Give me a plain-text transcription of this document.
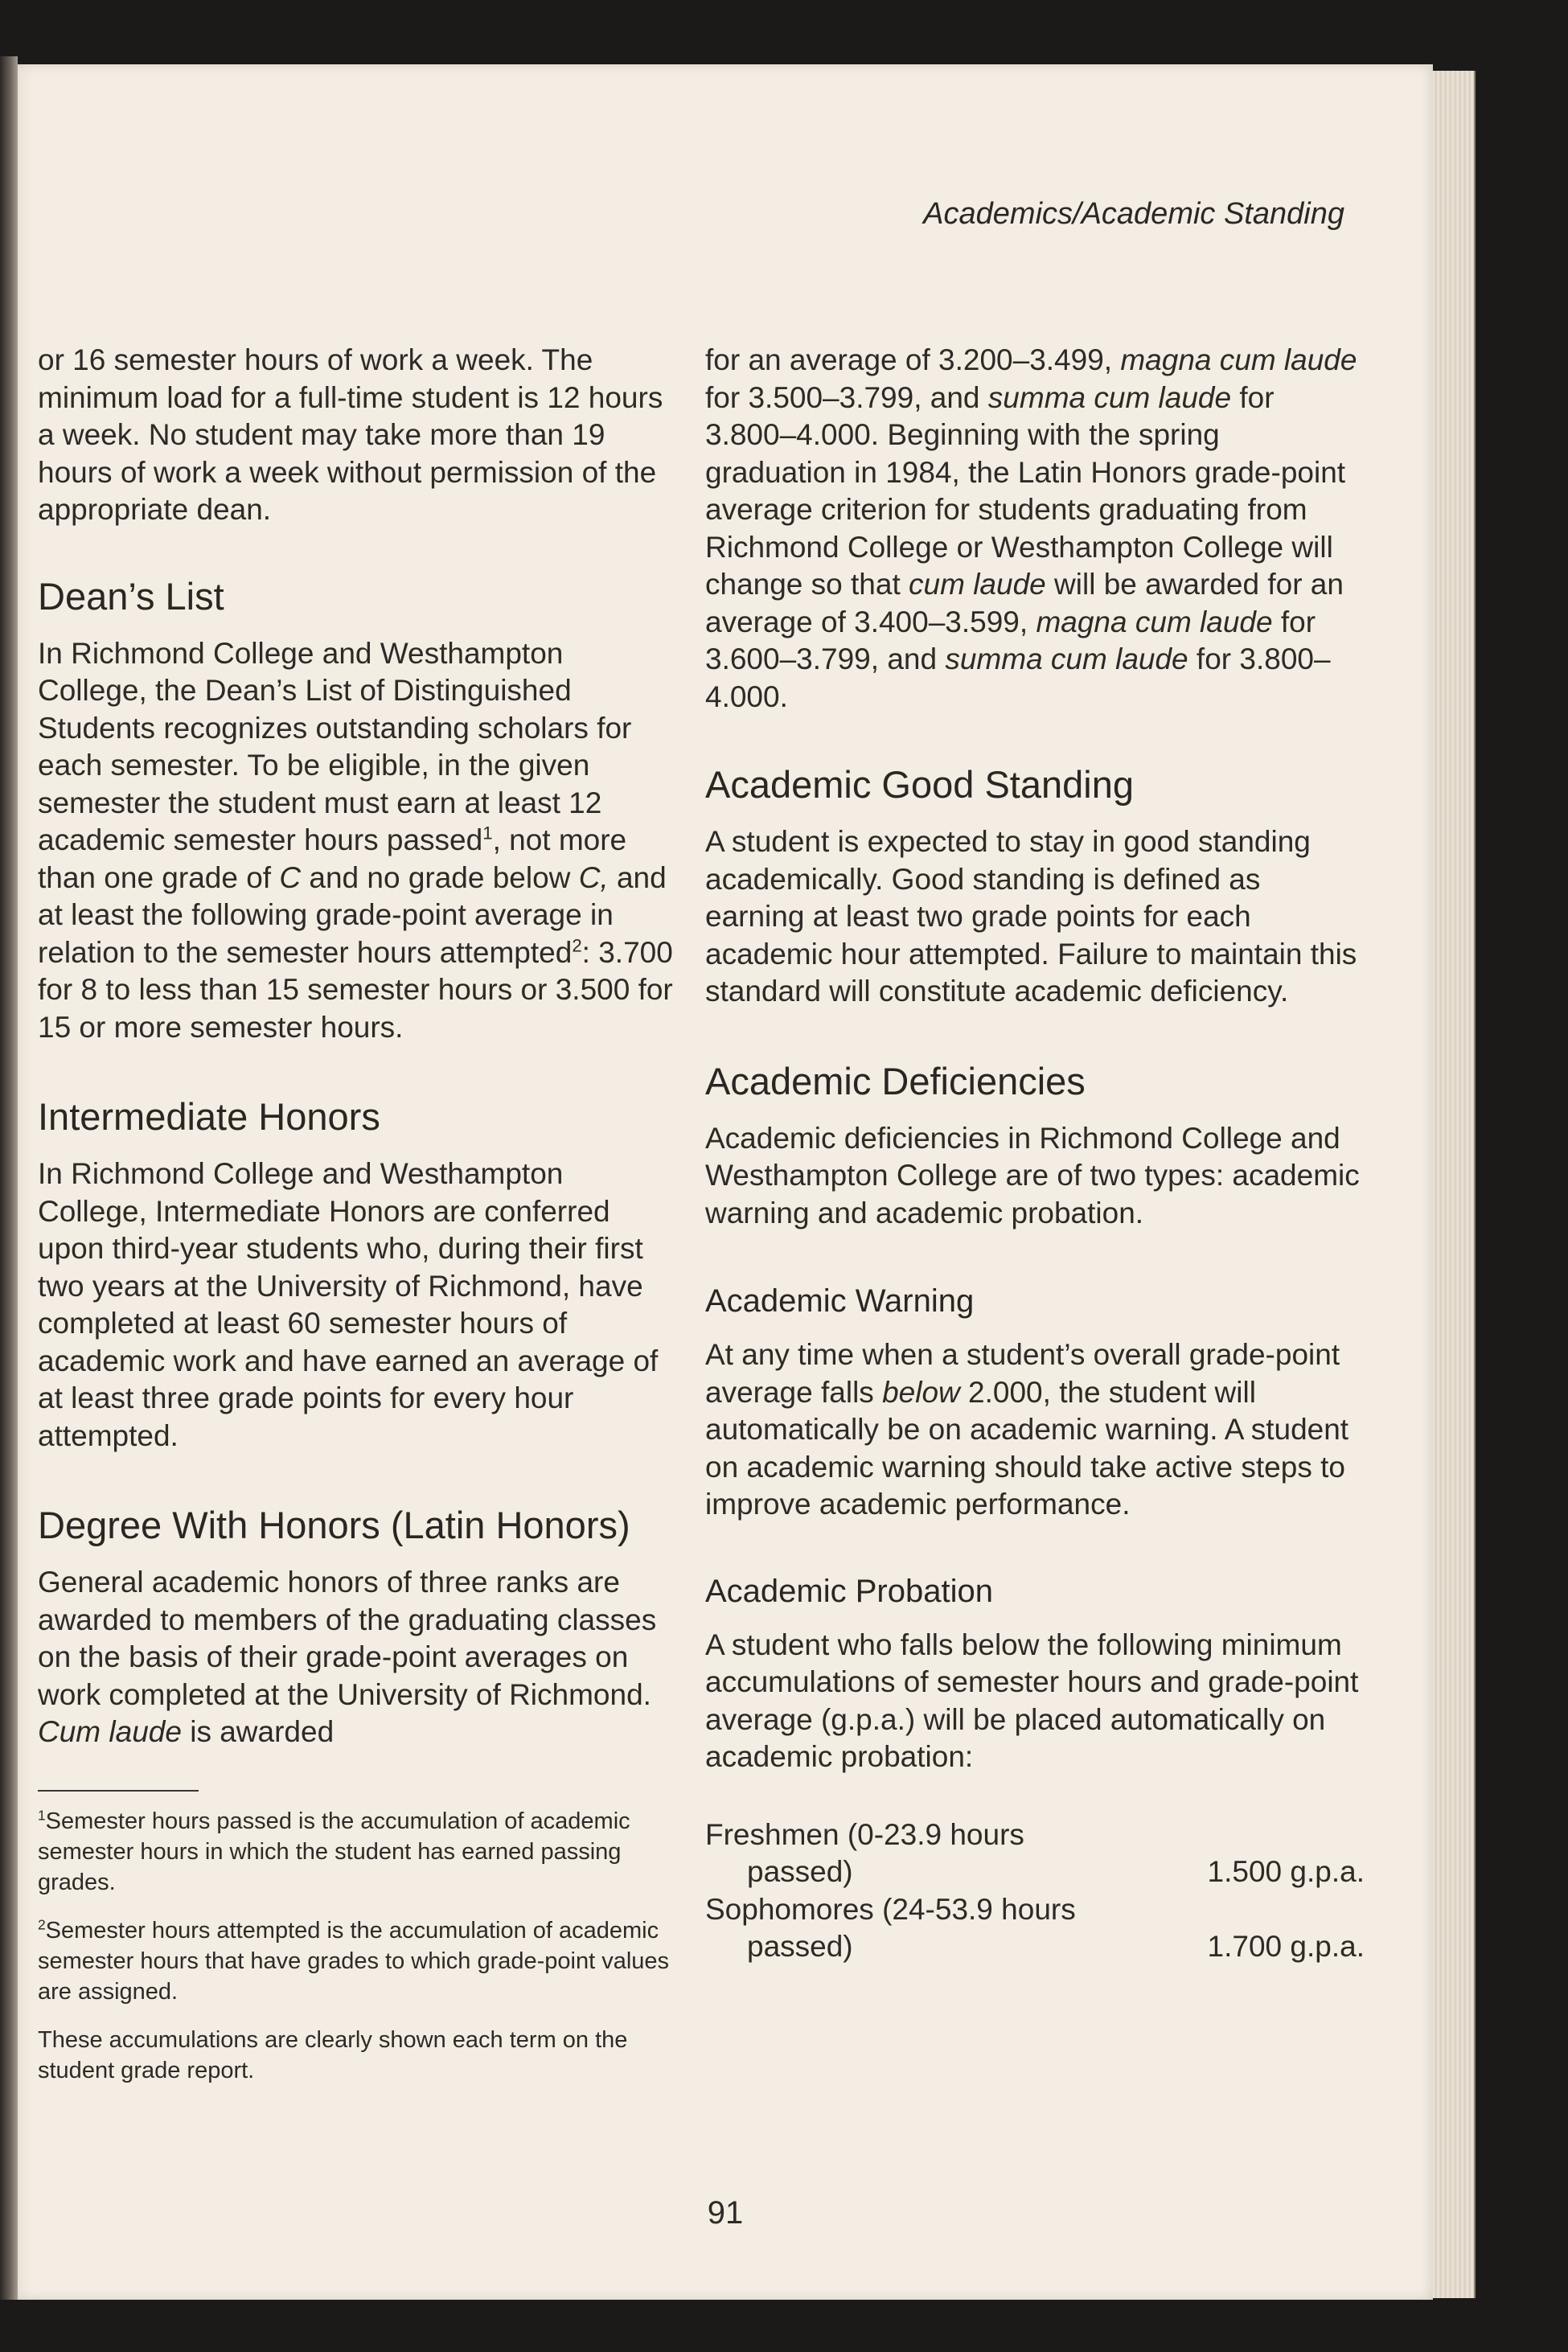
Academics/Academic Standing

or 16 semester hours of work a week. The minimum load for a full-time student is 12 hours a week. No student may take more than 19 hours of work a week without permission of the appropriate dean.

Dean’s List

In Richmond College and Westhampton College, the Dean’s List of Distinguished Students recognizes outstanding scholars for each semester. To be eligible, in the given semester the student must earn at least 12 academic semester hours passed$^1$, not more than one grade of C and no grade below C, and at least the following grade-point average in relation to the semester hours attempted$^2$: 3.700 for 8 to less than 15 semester hours or 3.500 for 15 or more semester hours.

Intermediate Honors

In Richmond College and Westhampton College, Intermediate Honors are conferred upon third-year students who, during their first two years at the University of Richmond, have completed at least 60 semester hours of academic work and have earned an average of at least three grade points for every hour attempted.

Degree With Honors (Latin Honors)

General academic honors of three ranks are awarded to members of the graduating classes on the basis of their grade-point averages on work completed at the University of Richmond. Cum laude is awarded

$^1$Semester hours passed is the accumulation of academic semester hours in which the student has earned passing grades.

$^2$Semester hours attempted is the accumulation of academic semester hours that have grades to which grade-point values are assigned.

These accumulations are clearly shown each term on the student grade report.

for an average of 3.200–3.499, magna cum laude for 3.500–3.799, and summa cum laude for 3.800–4.000. Beginning with the spring graduation in 1984, the Latin Honors grade-point average criterion for students graduating from Richmond College or Westhampton College will change so that cum laude will be awarded for an average of 3.400–3.599, magna cum laude for 3.600–3.799, and summa cum laude for 3.800–4.000.

Academic Good Standing

A student is expected to stay in good standing academically. Good standing is defined as earning at least two grade points for each academic hour attempted. Failure to maintain this standard will constitute academic deficiency.

Academic Deficiencies

Academic deficiencies in Richmond College and Westhampton College are of two types: academic warning and academic probation.

Academic Warning

At any time when a student’s overall grade-point average falls below 2.000, the student will automatically be on academic warning. A student on academic warning should take active steps to improve academic performance.

Academic Probation

A student who falls below the following minimum accumulations of semester hours and grade-point average (g.p.a.) will be placed automatically on academic probation:

Freshmen (0-23.9 hours
passed)	1.500 g.p.a.
Sophomores (24-53.9 hours
passed)	1.700 g.p.a.
91
